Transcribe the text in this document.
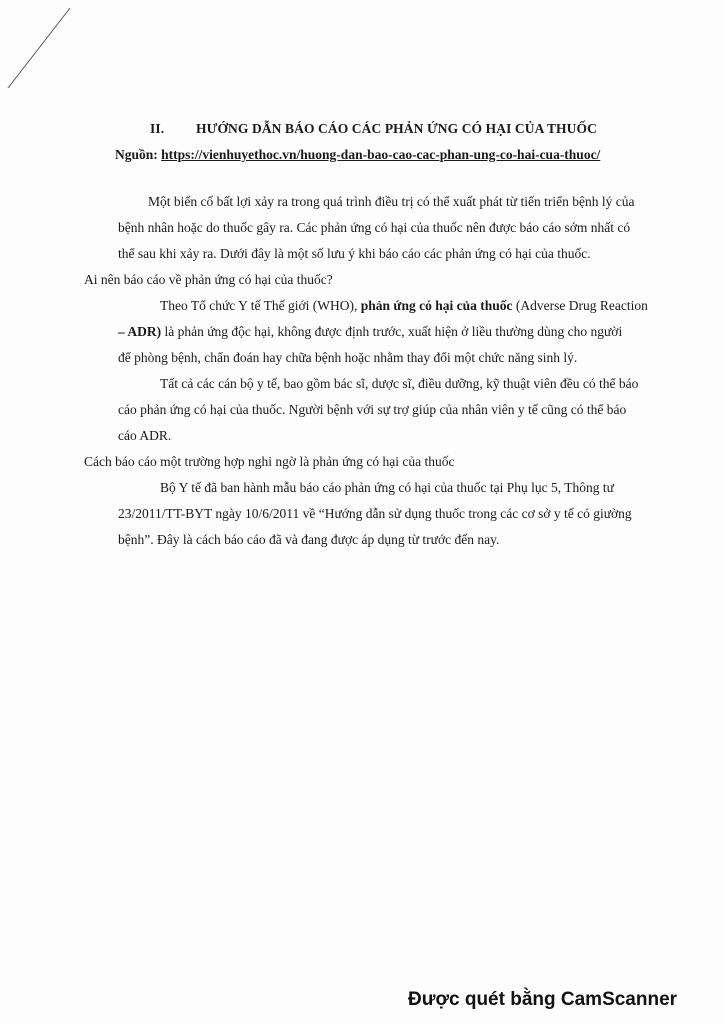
II. HƯỚNG DẪN BÁO CÁO CÁC PHẢN ỨNG CÓ HẠI CỦA THUỐC
Nguồn: https://vienhuyethoc.vn/huong-dan-bao-cao-cac-phan-ung-co-hai-cua-thuoc/
Một biến cố bất lợi xảy ra trong quá trình điều trị có thể xuất phát từ tiến triển bệnh lý của
bệnh nhân hoặc do thuốc gây ra. Các phản ứng có hại của thuốc nên được báo cáo sớm nhất có
thể sau khi xảy ra. Dưới đây là một số lưu ý khi báo cáo các phản ứng có hại của thuốc.
Ai nên báo cáo về phản ứng có hại của thuốc?
Theo Tổ chức Y tế Thế giới (WHO), phản ứng có hại của thuốc (Adverse Drug Reaction
– ADR) là phản ứng độc hại, không được định trước, xuất hiện ở liều thường dùng cho người
để phòng bệnh, chẩn đoán hay chữa bệnh hoặc nhằm thay đổi một chức năng sinh lý.
Tất cả các cán bộ y tế, bao gồm bác sĩ, dược sĩ, điều dưỡng, kỹ thuật viên đều có thể báo
cáo phản ứng có hại của thuốc. Người bệnh với sự trợ giúp của nhân viên y tế cũng có thể báo
cáo ADR.
Cách báo cáo một trường hợp nghi ngờ là phản ứng có hại của thuốc
Bộ Y tế đã ban hành mẫu báo cáo phản ứng có hại của thuốc tại Phụ lục 5, Thông tư
23/2011/TT-BYT ngày 10/6/2011 về “Hướng dẫn sử dụng thuốc trong các cơ sở y tế có giường
bệnh”. Đây là cách báo cáo đã và đang được áp dụng từ trước đến nay.
Được quét bằng CamScanner
